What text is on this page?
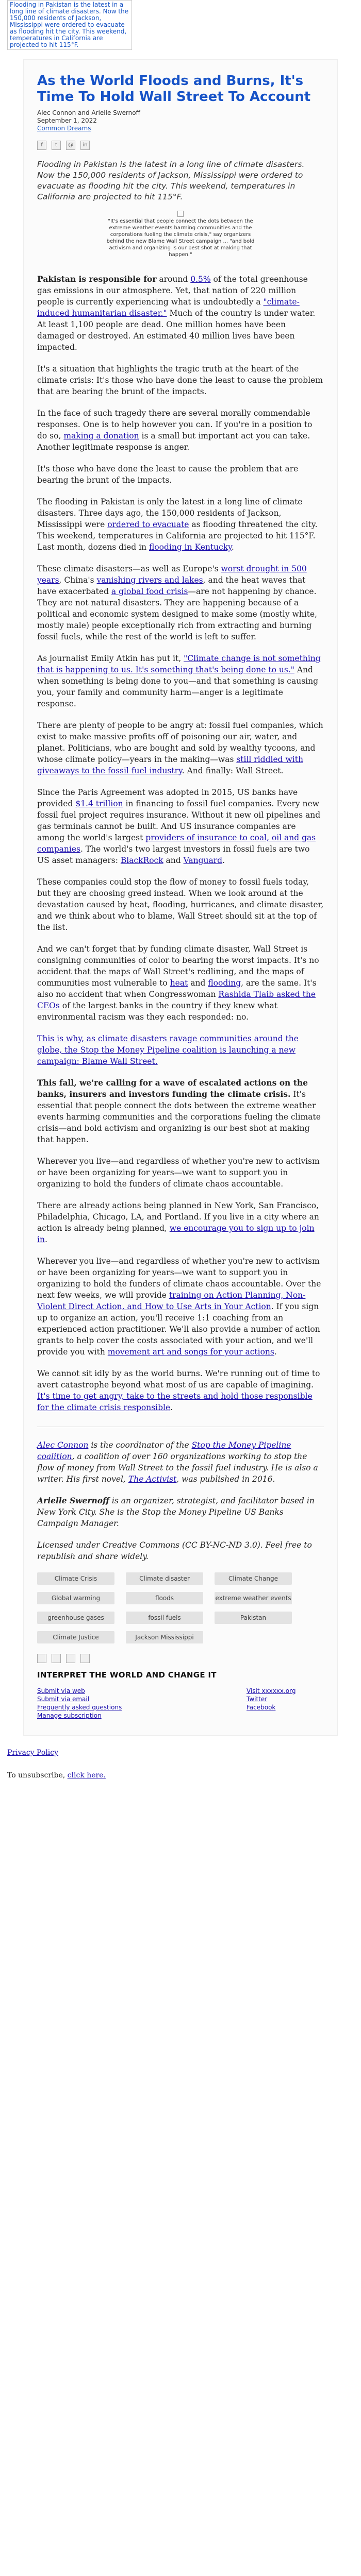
Flooding in Pakistan is the latest in a long line of climate disasters. Now the 150,000 residents of Jackson, Mississippi were ordered to evacuate as flooding hit the city. This weekend, temperatures in California are projected to hit 115°F.
As the World Floods and Burns, It's Time To Hold Wall Street To Account
Alec Connon and Arielle Swernoff
September 1, 2022
Common Dreams
f	t	@	in

Flooding in Pakistan is the latest in a long line of climate disasters. Now the 150,000 residents of Jackson, Mississippi were ordered to evacuate as flooding hit the city. This weekend, temperatures in California are projected to hit 115°F.

"It's essential that people connect the dots between the extreme weather events harming communities and the corporations fueling the climate crisis," say organizers behind the new Blame Wall Street campaign ... "and bold activism and organizing is our best shot at making that happen."

Pakistan is responsible for around 0.5% of the total greenhouse gas emissions in our atmosphere. Yet, that nation of 220 million people is currently experiencing what is undoubtedly a "climate-induced humanitarian disaster." Much of the country is under water. At least 1,100 people are dead. One million homes have been damaged or destroyed. An estimated 40 million lives have been impacted.

It's a situation that highlights the tragic truth at the heart of the climate crisis: It's those who have done the least to cause the problem that are bearing the brunt of the impacts.

In the face of such tragedy there are several morally commendable responses. One is to help however you can. If you're in a position to do so, making a donation is a small but important act you can take. Another legitimate response is anger.

It's those who have done the least to cause the problem that are bearing the brunt of the impacts.

The flooding in Pakistan is only the latest in a long line of climate disasters. Three days ago, the 150,000 residents of Jackson, Mississippi were ordered to evacuate as flooding threatened the city. This weekend, temperatures in California are projected to hit 115°F. Last month, dozens died in flooding in Kentucky.

These climate disasters—as well as Europe's worst drought in 500 years, China's vanishing rivers and lakes, and the heat waves that have exacerbated a global food crisis—are not happening by chance. They are not natural disasters. They are happening because of a political and economic system designed to make some (mostly white, mostly male) people exceptionally rich from extracting and burning fossil fuels, while the rest of the world is left to suffer.

As journalist Emily Atkin has put it, "Climate change is not something that is happening to us. It's something that's being done to us." And when something is being done to you—and that something is causing you, your family and community harm—anger is a legitimate response.

There are plenty of people to be angry at: fossil fuel companies, which exist to make massive profits off of poisoning our air, water, and planet. Politicians, who are bought and sold by wealthy tycoons, and whose climate policy—years in the making—was still riddled with giveaways to the fossil fuel industry. And finally: Wall Street.

Since the Paris Agreement was adopted in 2015, US banks have provided $1.4 trillion in financing to fossil fuel companies. Every new fossil fuel project requires insurance. Without it new oil pipelines and gas terminals cannot be built. And US insurance companies are among the world's largest providers of insurance to coal, oil and gas companies. The world's two largest investors in fossil fuels are two US asset managers: BlackRock and Vanguard.

These companies could stop the flow of money to fossil fuels today, but they are choosing greed instead. When we look around at the devastation caused by heat, flooding, hurricanes, and climate disaster, and we think about who to blame, Wall Street should sit at the top of the list.

And we can't forget that by funding climate disaster, Wall Street is consigning communities of color to bearing the worst impacts. It's no accident that the maps of Wall Street's redlining, and the maps of communities most vulnerable to heat and flooding, are the same. It's also no accident that when Congresswoman Rashida Tlaib asked the CEOs of the largest banks in the country if they knew what environmental racism was they each responded: no.

This is why, as climate disasters ravage communities around the globe, the Stop the Money Pipeline coalition is launching a new campaign: Blame Wall Street.

This fall, we're calling for a wave of escalated actions on the banks, insurers and investors funding the climate crisis. It's essential that people connect the dots between the extreme weather events harming communities and the corporations fueling the climate crisis—and bold activism and organizing is our best shot at making that happen.

Wherever you live—and regardless of whether you're new to activism or have been organizing for years—we want to support you in organizing to hold the funders of climate chaos accountable.

There are already actions being planned in New York, San Francisco, Philadelphia, Chicago, LA, and Portland. If you live in a city where an action is already being planned, we encourage you to sign up to join in.

Wherever you live—and regardless of whether you're new to activism or have been organizing for years—we want to support you in organizing to hold the funders of climate chaos accountable. Over the next few weeks, we will provide training on Action Planning, Non-Violent Direct Action, and How to Use Arts in Your Action. If you sign up to organize an action, you'll receive 1:1 coaching from an experienced action practitioner. We'll also provide a number of action grants to help cover the costs associated with your action, and we'll provide you with movement art and songs for your actions.

We cannot sit idly by as the world burns. We're running out of time to avert catastrophe beyond what most of us are capable of imagining. It's time to get angry, take to the streets and hold those responsible for the climate crisis responsible.

Alec Connon is the coordinator of the Stop the Money Pipeline coalition, a coalition of over 160 organizations working to stop the flow of money from Wall Street to the fossil fuel industry. He is also a writer. His first novel, The Activist, was published in 2016.

Arielle Swernoff is an organizer, strategist, and facilitator based in New York City. She is the Stop the Money Pipeline US Banks Campaign Manager.

Licensed under Creative Commons (CC BY-NC-ND 3.0). Feel free to republish and share widely.

Climate Crisis	Climate disaster	Climate Change
Global warming	floods	extreme weather events
greenhouse gases	fossil fuels	Pakistan
Climate Justice	Jackson Mississippi
INTERPRET THE WORLD AND CHANGE IT
Submit via web
Submit via email
Frequently asked questions
Manage subscription
Visit xxxxxx.org
Twitter
Facebook
Privacy Policy

To unsubscribe, click here.
